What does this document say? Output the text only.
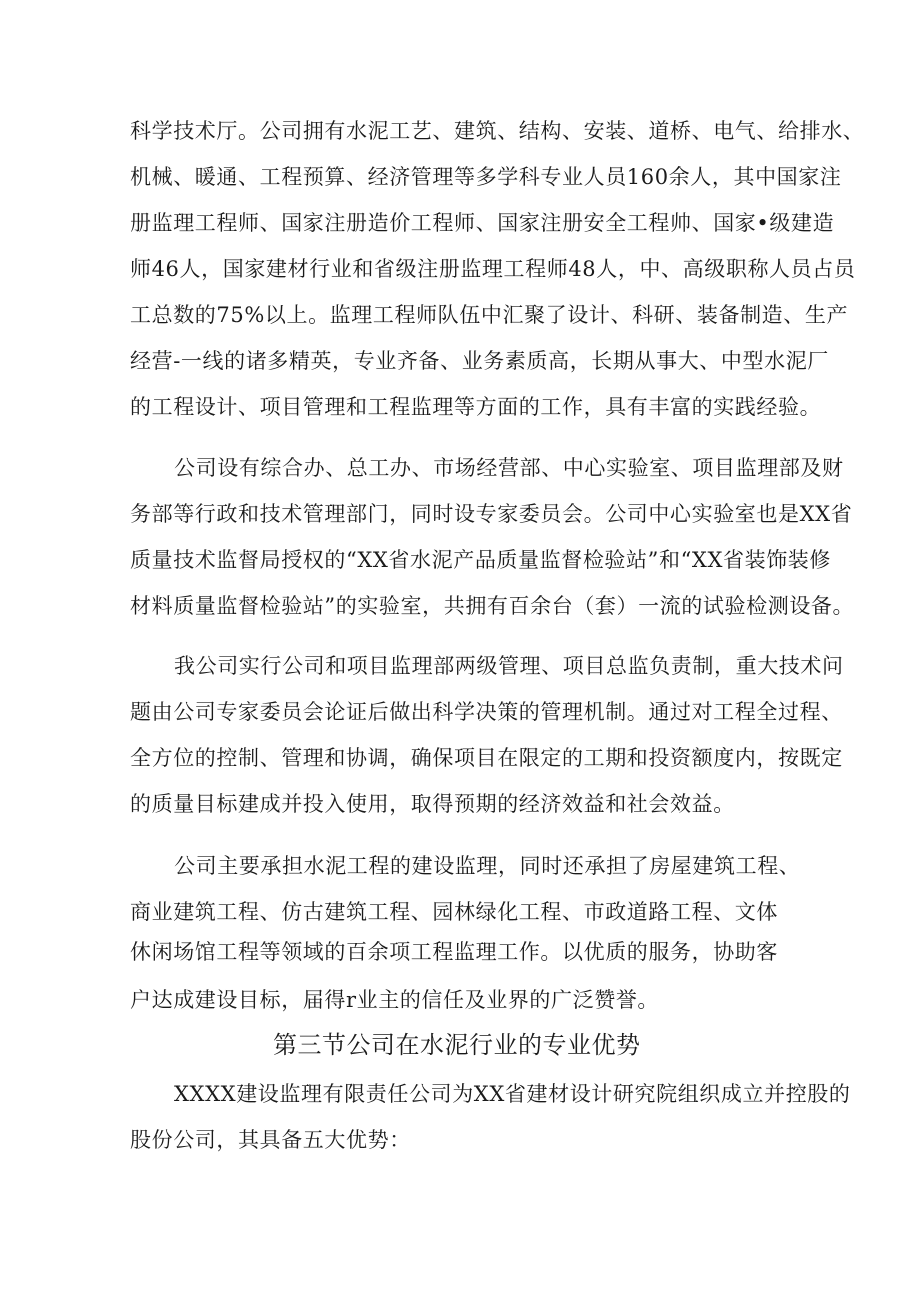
科学技术厅。公司拥有水泥工艺、建筑、结构、安装、道桥、电气、给排水、
机械、暖通、工程预算、经济管理等多学科专业人员160余人，其中国家注
册监理工程师、国家注册造价工程师、国家注册安全工程帅、国家•级建造
师46人，国家建材行业和省级注册监理工程师48人，中、高级职称人员占员
工总数的75%以上。监理工程师队伍中汇聚了设计、科研、装备制造、生产
经营-一线的诸多精英，专业齐备、业务素质高，长期从事大、中型水泥厂
的工程设计、项目管理和工程监理等方面的工作，具有丰富的实践经验。
公司设有综合办、总工办、市场经营部、中心实验室、项目监理部及财
务部等行政和技术管理部门，同时设专家委员会。公司中心实验室也是XX省
质量技术监督局授权的“XX省水泥产品质量监督检验站”和“XX省装饰装修
材料质量监督检验站”的实验室，共拥有百余台（套）一流的试验检测设备。
我公司实行公司和项目监理部两级管理、项目总监负责制，重大技术问
题由公司专家委员会论证后做出科学决策的管理机制。通过对工程全过程、
全方位的控制、管理和协调，确保项目在限定的工期和投资额度内，按既定
的质量目标建成并投入使用，取得预期的经济效益和社会效益。
公司主要承担水泥工程的建设监理，同时还承担了房屋建筑工程、
商业建筑工程、仿古建筑工程、园林绿化工程、市政道路工程、文体
休闲场馆工程等领域的百余项工程监理工作。以优质的服务，协助客
户达成建设目标，届得r业主的信任及业界的广泛赞誉。
第三节公司在水泥行业的专业优势
XXXX建设监理有限责任公司为XX省建材设计研究院组织成立并控股的
股份公司，其具备五大优势：
